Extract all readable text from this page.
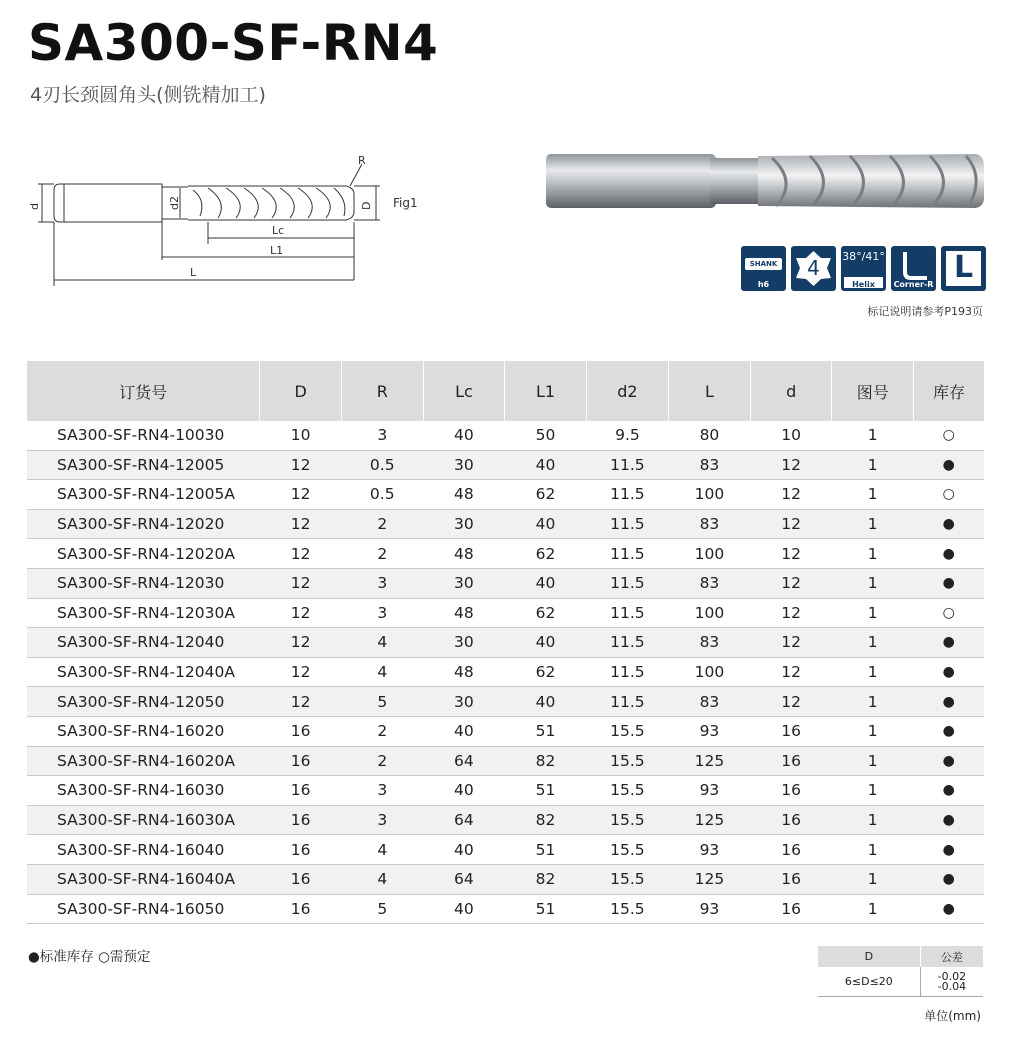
SA300-SF-RN4
4刃长颈圆角头(侧铣精加工)
d	d2	D
R
Lc
L1
L
Fig1
SHANK
h6
4	38°/41°
Helix	Corner-R L
标记说明请参考P193页
订货号	D	R	Lc	L1	d2	L	d	图号	库存
SA300-SF-RN4-10030	10	3	40	50	9.5	80	10	1	○
SA300-SF-RN4-12005	12	0.5	30	40	11.5	83	12	1	●
SA300-SF-RN4-12005A	12	0.5	48	62	11.5	100	12	1	○
SA300-SF-RN4-12020	12	2	30	40	11.5	83	12	1	●
SA300-SF-RN4-12020A	12	2	48	62	11.5	100	12	1	●
SA300-SF-RN4-12030	12	3	30	40	11.5	83	12	1	●
SA300-SF-RN4-12030A	12	3	48	62	11.5	100	12	1	○
SA300-SF-RN4-12040	12	4	30	40	11.5	83	12	1	●
SA300-SF-RN4-12040A	12	4	48	62	11.5	100	12	1	●
SA300-SF-RN4-12050	12	5	30	40	11.5	83	12	1	●
SA300-SF-RN4-16020	16	2	40	51	15.5	93	16	1	●
SA300-SF-RN4-16020A	16	2	64	82	15.5	125	16	1	●
SA300-SF-RN4-16030	16	3	40	51	15.5	93	16	1	●
SA300-SF-RN4-16030A	16	3	64	82	15.5	125	16	1	●
SA300-SF-RN4-16040	16	4	40	51	15.5	93	16	1	●
SA300-SF-RN4-16040A	16	4	64	82	15.5	125	16	1	●
SA300-SF-RN4-16050	16	5	40	51	15.5	93	16	1	●
●标准库存 ○需预定	D	公差
6≤D≤20	-0.02
-0.04
单位(mm)
